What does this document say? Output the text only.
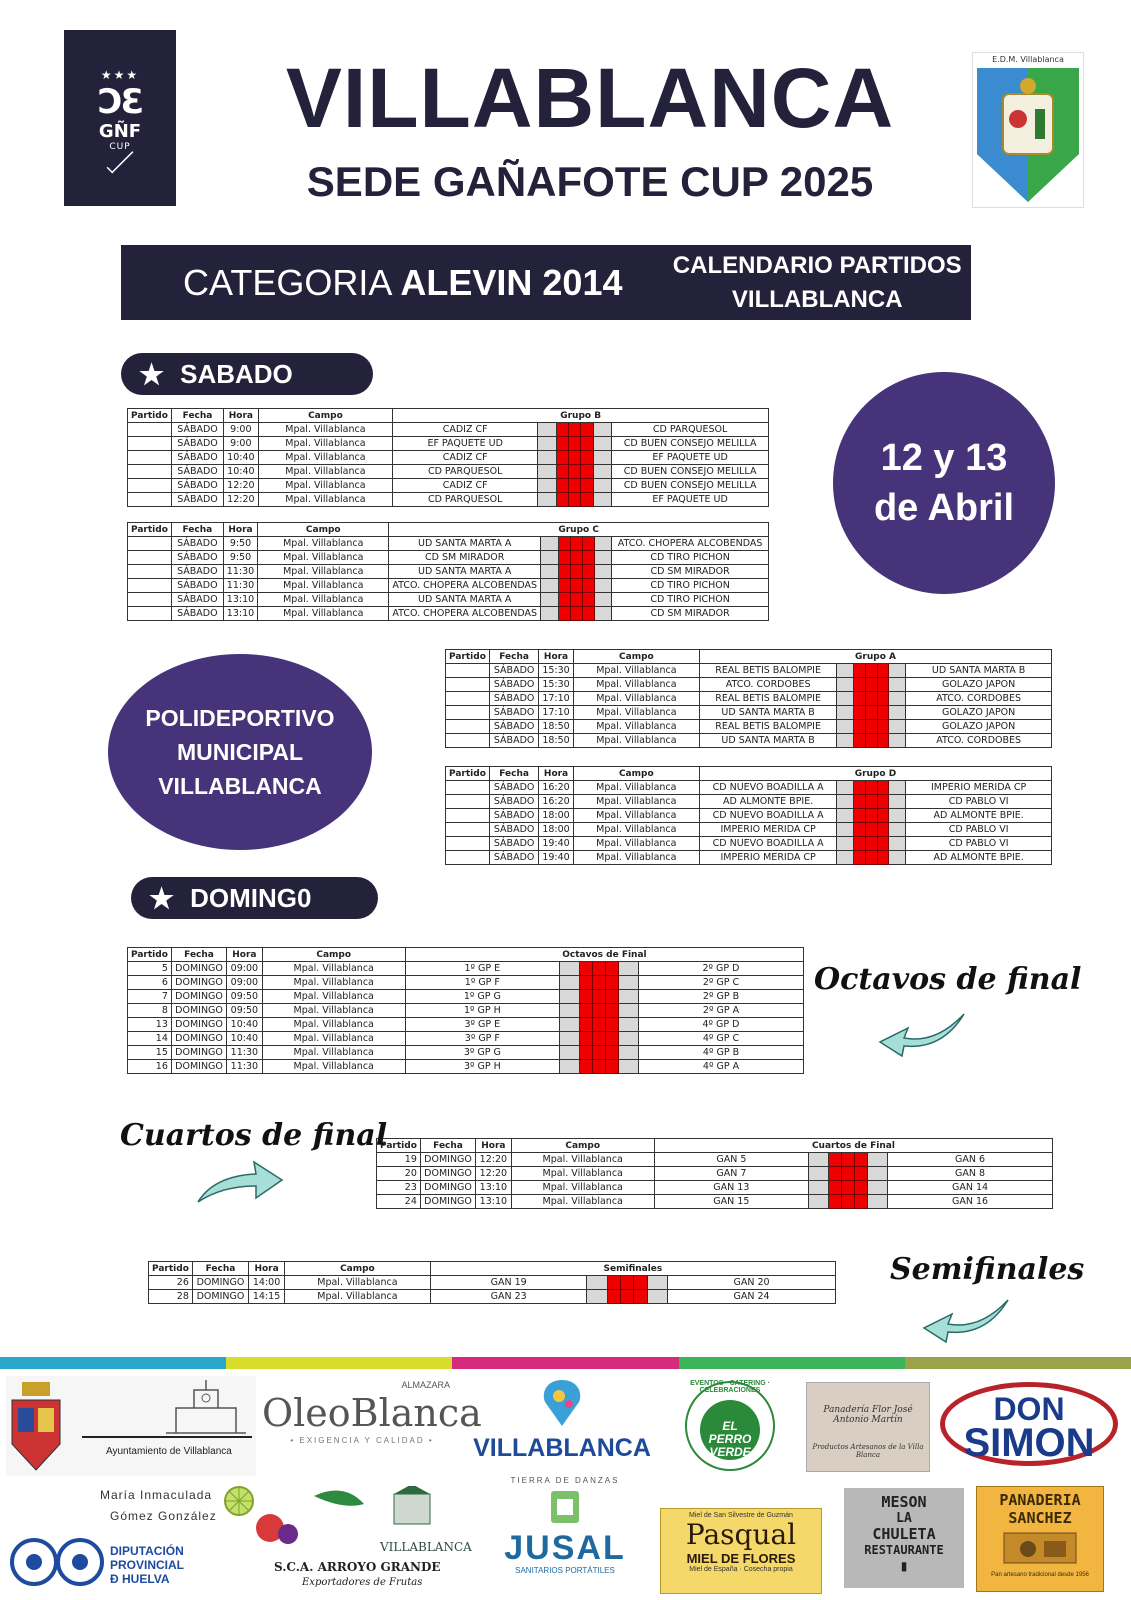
★★★
ƆƐ
GÑF
CUP
VILLABLANCA
SEDE GAÑAFOTE CUP 2025
E.D.M. Villablanca
CATEGORIA ALEVIN 2014	CALENDARIO PARTIDOS
VILLABLANCA
★ SABADO
12 y 13
de Abril
POLIDEPORTIVO
MUNICIPAL
VILLABLANCA
★ DOMING0
Partido	Fecha	Hora	Campo	Grupo B						
	SÁBADO	9:00	Mpal. Villablanca	CADIZ CF						CD PARQUESOL
	SÁBADO	9:00	Mpal. Villablanca	EF PAQUETE UD						CD BUEN CONSEJO MELILLA
	SÁBADO	10:40	Mpal. Villablanca	CADIZ CF						EF PAQUETE UD
	SÁBADO	10:40	Mpal. Villablanca	CD PARQUESOL						CD BUEN CONSEJO MELILLA
	SÁBADO	12:20	Mpal. Villablanca	CADIZ CF						CD BUEN CONSEJO MELILLA
	SÁBADO	12:20	Mpal. Villablanca	CD PARQUESOL						EF PAQUETE UD
Partido	Fecha	Hora	Campo	Grupo C						
	SÁBADO	9:50	Mpal. Villablanca	UD SANTA MARTA A						ATCO. CHOPERA ALCOBENDAS
	SÁBADO	9:50	Mpal. Villablanca	CD SM MIRADOR						CD TIRO PICHON
	SÁBADO	11:30	Mpal. Villablanca	UD SANTA MARTA A						CD SM MIRADOR
	SÁBADO	11:30	Mpal. Villablanca	ATCO. CHOPERA ALCOBENDAS						CD TIRO PICHON
	SÁBADO	13:10	Mpal. Villablanca	UD SANTA MARTA A						CD TIRO PICHON
	SÁBADO	13:10	Mpal. Villablanca	ATCO. CHOPERA ALCOBENDAS						CD SM MIRADOR
Partido	Fecha	Hora	Campo	Grupo A						
	SÁBADO	15:30	Mpal. Villablanca	REAL BETIS BALOMPIE						UD SANTA MARTA B
	SÁBADO	15:30	Mpal. Villablanca	ATCO. CORDOBES						GOLAZO JAPON
	SÁBADO	17:10	Mpal. Villablanca	REAL BETIS BALOMPIE						ATCO. CORDOBES
	SÁBADO	17:10	Mpal. Villablanca	UD SANTA MARTA B						GOLAZO JAPON
	SÁBADO	18:50	Mpal. Villablanca	REAL BETIS BALOMPIE						GOLAZO JAPON
	SÁBADO	18:50	Mpal. Villablanca	UD SANTA MARTA B						ATCO. CORDOBES
Partido	Fecha	Hora	Campo	Grupo D						
	SÁBADO	16:20	Mpal. Villablanca	CD NUEVO BOADILLA A						IMPERIO MERIDA CP
	SÁBADO	16:20	Mpal. Villablanca	AD ALMONTE BPIE.						CD PABLO VI
	SÁBADO	18:00	Mpal. Villablanca	CD NUEVO BOADILLA A						AD ALMONTE BPIE.
	SÁBADO	18:00	Mpal. Villablanca	IMPERIO MERIDA CP						CD PABLO VI
	SÁBADO	19:40	Mpal. Villablanca	CD NUEVO BOADILLA A						CD PABLO VI
	SÁBADO	19:40	Mpal. Villablanca	IMPERIO MERIDA CP						AD ALMONTE BPIE.
Partido	Fecha	Hora	Campo	Octavos de Final						
5	DOMINGO	09:00	Mpal. Villablanca	1º GP E						2º GP D
6	DOMINGO	09:00	Mpal. Villablanca	1º GP F						2º GP C
7	DOMINGO	09:50	Mpal. Villablanca	1º GP G						2º GP B
8	DOMINGO	09:50	Mpal. Villablanca	1º GP H						2º GP A
13	DOMINGO	10:40	Mpal. Villablanca	3º GP E						4º GP D
14	DOMINGO	10:40	Mpal. Villablanca	3º GP F						4º GP C
15	DOMINGO	11:30	Mpal. Villablanca	3º GP G						4º GP B
16	DOMINGO	11:30	Mpal. Villablanca	3º GP H						4º GP A
Partido	Fecha	Hora	Campo	Cuartos de Final						
19	DOMINGO	12:20	Mpal. Villablanca	GAN 5						GAN 6
20	DOMINGO	12:20	Mpal. Villablanca	GAN 7						GAN 8
23	DOMINGO	13:10	Mpal. Villablanca	GAN 13						GAN 14
24	DOMINGO	13:10	Mpal. Villablanca	GAN 15						GAN 16
Partido	Fecha	Hora	Campo	Semifinales						
26	DOMINGO	14:00	Mpal. Villablanca	GAN 19						GAN 20
28	DOMINGO	14:15	Mpal. Villablanca	GAN 23						GAN 24
Octavos de final
Cuartos de final
Semifinales
Ayuntamiento de Villablanca
ALMAZARA
OleoBlanca
• EXIGENCIA Y CALIDAD •	VILLABLANCA
EVENTOS · CATERING · CELEBRACIONES
EL PERRO VERDE
Panadería Flor José Antonio Martín
Productos Artesanos de la Villa Blanca
DON
SIMON
María Inmaculada
Gómez González
DIPUTACIÓN
PROVINCIAL
Đ HUELVA
VILLABLANCA
S.C.A. ARROYO GRANDE
Exportadores de Frutas
TIERRA DE DANZAS
JUSAL
SANITARIOS PORTÁTILES
Miel de San Silvestre de Guzmán
Pasqual
MIEL DE FLORES
Miel de España · Cosecha propia
MESON
LA
CHULETA
RESTAURANTE
▮
PANADERIA
SANCHEZ
Pan artesano tradicional desde 1956
